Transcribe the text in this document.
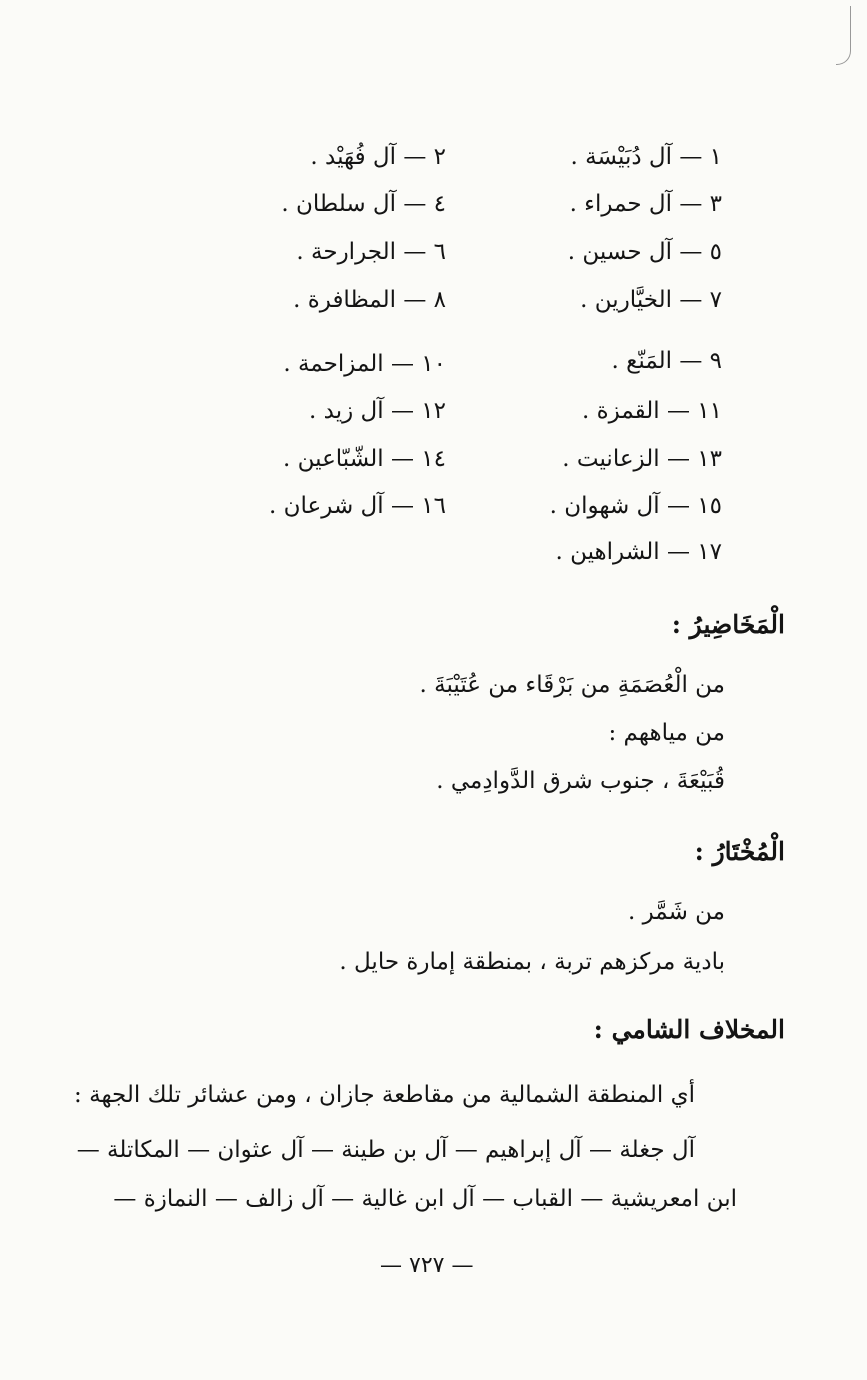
١ — آل دُبَيْسَة .
٢ — آل فُهَيْد .
٣ — آل حمراء .
٤ — آل سلطان .
٥ — آل حسين .
٦ — الجرارحة .
٧ — الخيَّارين .
٨ — المظافرة .
٩ — المَنّع .
١٠ — المزاحمة .
١١ — القمزة .
١٢ — آل زيد .
١٣ — الزعانيت .
١٤ — الشّبّاعين .
١٥ — آل شهوان .
١٦ — آل شرعان .
١٧ — الشراهين .
الْمَخَاضِيرُ :
من الْعُصَمَةِ من بَرْقَاء من عُتَيْبَةَ .
من مياههم :
قُبَيْعَةَ ، جنوب شرق الدَّوادِمي .
الْمُخْتَارُ :
من شَمَّر .
بادية مركزهم تربة ، بمنطقة إمارة حايل .
المخلاف الشامي :
أي المنطقة الشمالية من مقاطعة جازان ، ومن عشائر تلك الجهة :
آل جغلة — آل إبراهيم — آل بن طينة — آل عثوان — المكاتلة —
ابن امعريشية — القباب — آل ابن غالية — آل زالف — النمازة —
— ٧٢٧ —
